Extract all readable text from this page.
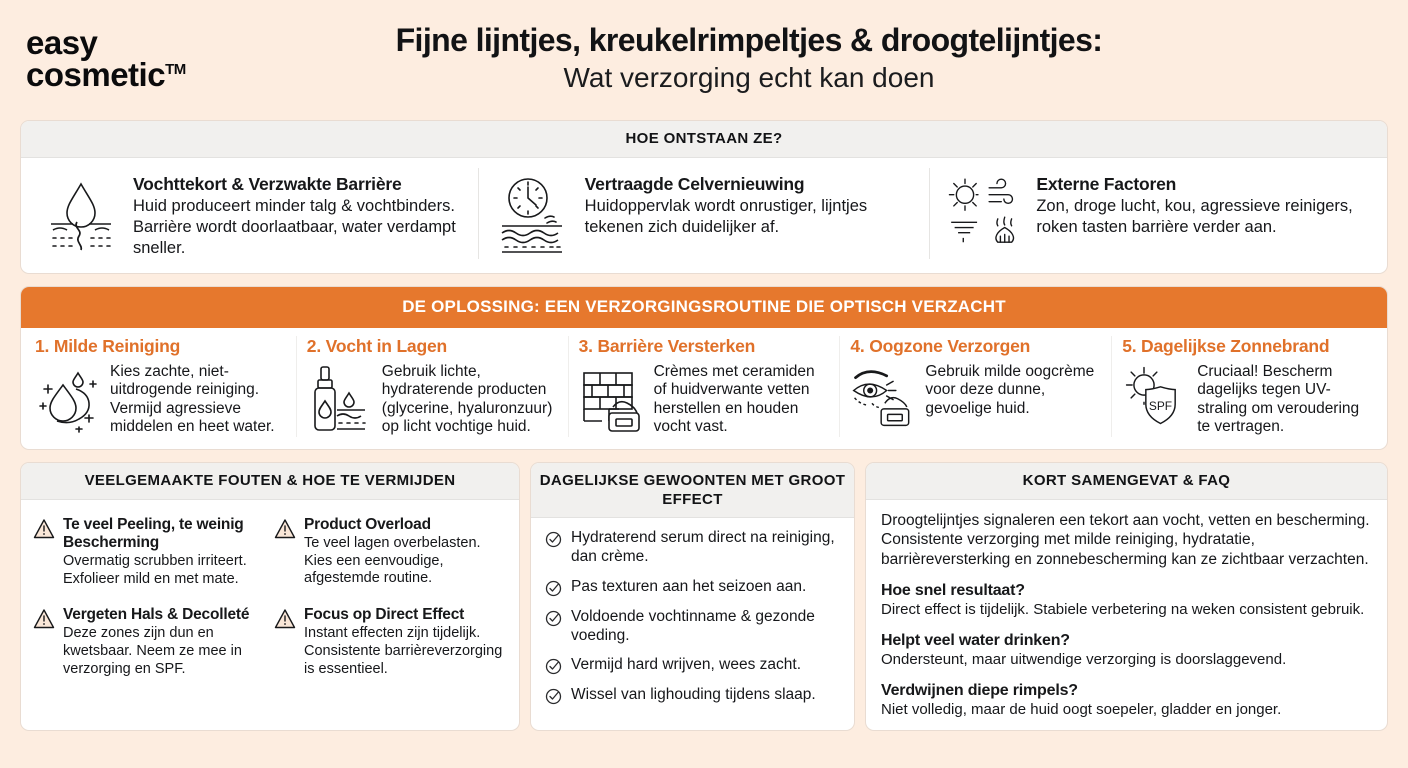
easy
cosmetic™
Fijne lijntjes, kreukelrimpeltjes & droogtelijntjes:
Wat verzorging echt kan doen
HOE ONTSTAAN ZE?
Vochttekort & Verzwakte Barrière

Huid produceert minder talg & vochtbinders. Barrière wordt doorlaatbaar, water verdampt sneller.

Vertraagde Celvernieuwing

Huidoppervlak wordt onrustiger, lijntjes tekenen zich duidelijker af.

Externe Factoren

Zon, droge lucht, kou, agressieve reinigers, roken tasten barrière verder aan.

DE OPLOSSING: EEN VERZORGINGSROUTINE DIE OPTISCH VERZACHT
1. Milde Reiniging

Kies zachte, niet-uitdrogende reiniging. Vermijd agressieve middelen en heet water.

2. Vocht in Lagen

Gebruik lichte, hydraterende producten (glycerine, hyaluronzuur) op licht vochtige huid.

3. Barrière Versterken

Crèmes met ceramiden of huidverwante vetten herstellen en houden vocht vast.

4. Oogzone Verzorgen

Gebruik milde oogcrème voor deze dunne, gevoelige huid.

5. Dagelijkse Zonnebrand
SPF

Cruciaal! Bescherm dagelijks tegen UV-straling om veroudering te vertragen.

VEELGEMAAKTE FOUTEN & HOE TE VERMIJDEN
Te veel Peeling, te weinig Bescherming

Overmatig scrubben irriteert. Exfolieer mild en met mate.

Product Overload

Te veel lagen overbelasten. Kies een eenvoudige, afgestemde routine.

Vergeten Hals & Decolleté

Deze zones zijn dun en kwetsbaar. Neem ze mee in verzorging en SPF.

Focus op Direct Effect

Instant effecten zijn tijdelijk. Consistente barrièreverzorging is essentieel.

DAGELIJKSE GEWOONTEN MET GROOT EFFECT

Hydraterend serum direct na reiniging, dan crème.

Pas texturen aan het seizoen aan.

Voldoende vochtinname & gezonde voeding.

Vermijd hard wrijven, wees zacht.

Wissel van lighouding tijdens slaap.

KORT SAMENGEVAT & FAQ

Droogtelijntjes signaleren een tekort aan vocht, vetten en bescherming. Consistente verzorging met milde reiniging, hydratatie, barrièreversterking en zonnebescherming kan ze zichtbaar verzachten.

Hoe snel resultaat?
Direct effect is tijdelijk. Stabiele verbetering na weken consistent gebruik.
Helpt veel water drinken?
Ondersteunt, maar uitwendige verzorging is doorslaggevend.
Verdwijnen diepe rimpels?
Niet volledig, maar de huid oogt soepeler, gladder en jonger.
